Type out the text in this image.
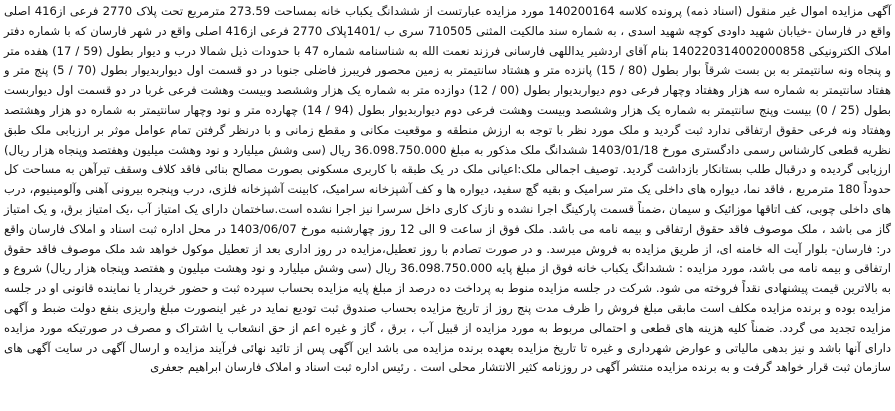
آگهی مزایده اموال غیر منقول (اسناد ذمه) پرونده کلاسه 140200164 مورد مزایده عبارتست از ششدانگ یکباب خانه بمساحت 273.59 مترمربع تحت پلاک 2770 فرعی از416 اصلی واقع در فارسان -خیابان شهید داودی کوچه شهید اسدی ، به شماره سند مالکیت المثنی 710505 سری ب /1401پلاک 2770 فرعی از416 اصلی واقع در شهر فارسان که با شماره دفتر املاک الکترونیکی 140220314002000858 بنام آقای اردشیر یداللهی فارسانی فرزند نعمت الله به شناسنامه شماره 47 با حدودات ذیل شمالا درب و دیوار بطول (59 / 17) هفده متر و پنجاه ونه سانتیمتر به بن بست شرقاً بوار بطول (80 / 15) پانزده متر و هشتاد سانتیمتر به زمین محصور فریبرز فاضلی جنوبا در دو قسمت اول دیواربدیوار بطول (70 / 5) پنج متر و هفتاد سانتیمتر به شماره سه هزار وهفتاد وچهار فرعی دوم دیواربدیوار بطول (00 / 12) دوازده متر به شماره یک هزار وششصد وبیست وهشت فرعی غربا در دو قسمت اول دیواربست بطول (25 / 0) بیست وپنج سانتیمتر به شماره یک هزار وششصد وبیست وهشت فرعی دوم دیواربدیوار بطول (94 / 14) چهارده متر و نود وچهار سانتیمتر به شماره دو هزار وهشتصد وهفتاد ونه فرعی حقوق ارتفاقی ندارد ثبت گردید و ملک مورد نظر با توجه به ارزش منطقه و موقعیت مکانی و مقطع زمانی و با درنظر گرفتن تمام عوامل موثر بر ارزیابی ملک طبق نظریه قطعی کارشناس رسمی دادگستری مورخ 1403/01/18 ششدانگ ملک مذکور به مبلغ 36.098.750.000 ریال (سی وشش میلیارد و نود وهشت میلیون وهفتصد وپنجاه هزار ریال) ارزیابی گردیده و درقبال طلب بستانکار بازداشت گردید. توصیف اجمالی ملک:اعیانی ملک در یک طبقه با کاربری مسکونی بصورت مصالح بنائی فاقد کلاف وسقف تیرآهن به مساحت کل حدوداً 180 مترمربع ، فاقد نما، دیواره های داخلی یک متر سرامیک و بقیه گچ سفید، دیواره ها و کف آشپزخانه سرامیک، کابینت آشپزخانه فلزی، درب وپنجره بیرونی آهنی وآلومینیوم، درب های داخلی چوبی، کف اتاقها موزائیک و سیمان ،ضمناً قسمت پارکینگ اجرا نشده و نازک کاری داخل سرسرا نیز اجرا نشده است.ساختمان دارای یک امتیاز آب ،یک امتیاز برق، و یک امتیاز گاز می باشد ، ملک موصوف فاقد حقوق ارتفاقی و بیمه نامه می باشد. ملک فوق از ساعت 9 الی 12 روز چهارشنبه مورخ 1403/06/07 در محل اداره ثبت اسناد و املاک فارسان واقع در: فارسان- بلوار آیت اله خامنه ای، از طریق مزایده به فروش میرسد. و در صورت تصادم با روز تعطیل،مزایده در روز اداری بعد از تعطیل موکول خواهد شد ملک موصوف فاقد حقوق ارتفاقی و بیمه نامه می باشد، مورد مزایده : ششدانگ یکباب خانه فوق از مبلغ پایه 36.098.750.000 ریال (سی وشش میلیارد و نود وهشت میلیون و هفتصد وپنجاه هزار ریال) شروع و به بالاترین قیمت پیشنهادی نقداً فروخته می شود. شرکت در جلسه مزایده منوط به پرداخت ده درصد از مبلغ پایه مزایده بحساب سپرده ثبت و حضور خریدار یا نماینده قانونی او در جلسه مزایده بوده و برنده مزایده مکلف است مابقی مبلغ فروش را ظرف مدت پنج روز از تاریخ مزایده بحساب صندوق ثبت تودیع نماید در غیر اینصورت مبلغ واریزی بنفع دولت ضبط و آگهی مزایده تجدید می گردد. ضمناً کلیه هزینه های قطعی و احتمالی مربوط به مورد مزایده از قبیل آب ، برق ، گاز و غیره اعم از حق انشعاب یا اشتراک و مصرف در صورتیکه مورد مزایده دارای آنها باشد و نیز بدهی مالیاتی و عوارض شهرداری و غیره تا تاریخ مزایده بعهده برنده مزایده می باشد این آگهی پس از تائید نهائی فرآیند مزایده و ارسال آگهی در سایت آگهی های سازمان ثبت قرار خواهد گرفت و به برنده مزایده منتشر آگهی در روزنامه کثیر الانتشار محلی است . رئیس اداره ثبت اسناد و املاک فارسان ابراهیم جعفری
